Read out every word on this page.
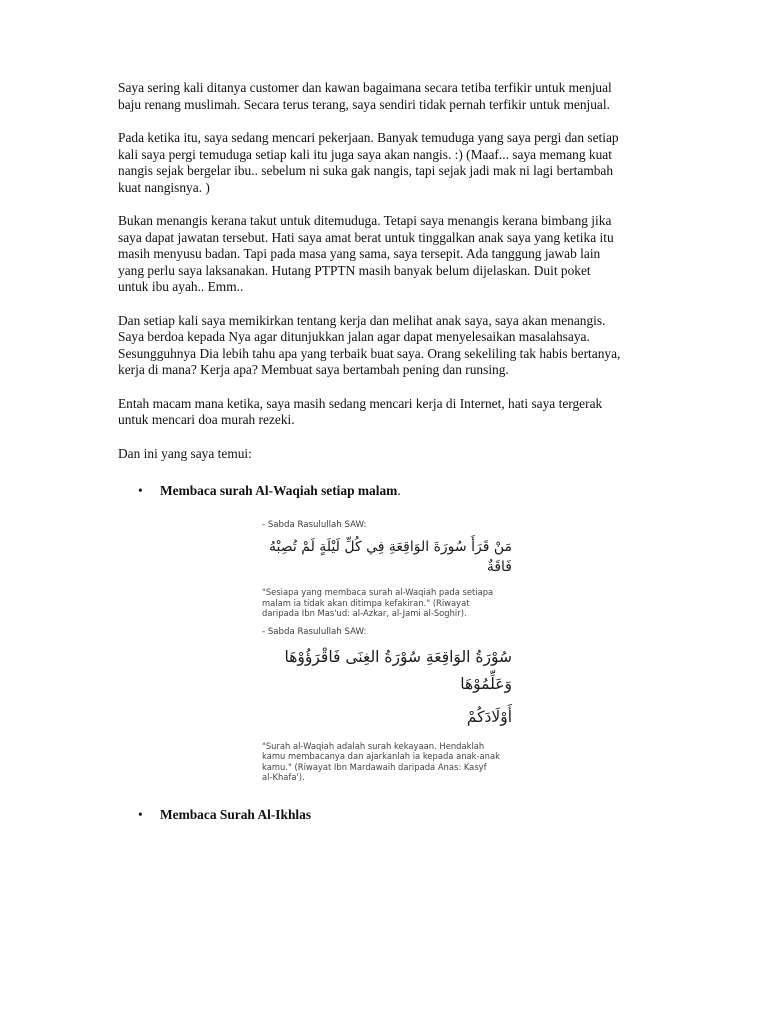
Saya sering kali ditanya customer dan kawan bagaimana secara tetiba terfikir untuk menjual
baju renang muslimah. Secara terus terang, saya sendiri tidak pernah terfikir untuk menjual.

Pada ketika itu, saya sedang mencari pekerjaan. Banyak temuduga yang saya pergi dan setiap
kali saya pergi temuduga setiap kali itu juga saya akan nangis. :) (Maaf... saya memang kuat
nangis sejak bergelar ibu.. sebelum ni suka gak nangis, tapi sejak jadi mak ni lagi bertambah
kuat nangisnya. )

Bukan menangis kerana takut untuk ditemuduga. Tetapi saya menangis kerana bimbang jika
saya dapat jawatan tersebut. Hati saya amat berat untuk tinggalkan anak saya yang ketika itu
masih menyusu badan. Tapi pada masa yang sama, saya tersepit. Ada tanggung jawab lain
yang perlu saya laksanakan. Hutang PTPTN masih banyak belum dijelaskan. Duit poket
untuk ibu ayah.. Emm..

Dan setiap kali saya memikirkan tentang kerja dan melihat anak saya, saya akan menangis.
Saya berdoa kepada Nya agar ditunjukkan jalan agar dapat menyelesaikan masalahsaya.
Sesungguhnya Dia lebih tahu apa yang terbaik buat saya. Orang sekeliling tak habis bertanya,
kerja di mana? Kerja apa? Membuat saya bertambah pening dan runsing.

Entah macam mana ketika, saya masih sedang mencari kerja di Internet, hati saya tergerak
untuk mencari doa murah rezeki.

Dan ini yang saya temui:

• Membaca surah Al-Waqiah setiap malam.

- Sabda Rasulullah SAW:

مَنْ قَرَأَ سُورَةَ الوَاقِعَةِ فِي كُلِّ لَيْلَةٍ لَمْ تُصِبْهُ فَاقَةٌ

"Sesiapa yang membaca surah al-Waqiah pada setiapa
malam ia tidak akan ditimpa kefakiran." (Riwayat
daripada Ibn Mas'ud: al-Azkar, al-Jami al-Soghir).

- Sabda Rasulullah SAW:

سُوْرَةُ الوَاقِعَةِ سُوْرَةُ الغِنَى فَاقْرَؤُوْهَا وَعَلِّمُوْهَا

أَوْلَادَكُمْ

"Surah al-Waqiah adalah surah kekayaan. Hendaklah
kamu membacanya dan ajarkanlah ia kepada anak-anak
kamu." (Riwayat Ibn Mardawaih daripada Anas: Kasyf
al-Khafa').

• Membaca Surah Al-Ikhlas
